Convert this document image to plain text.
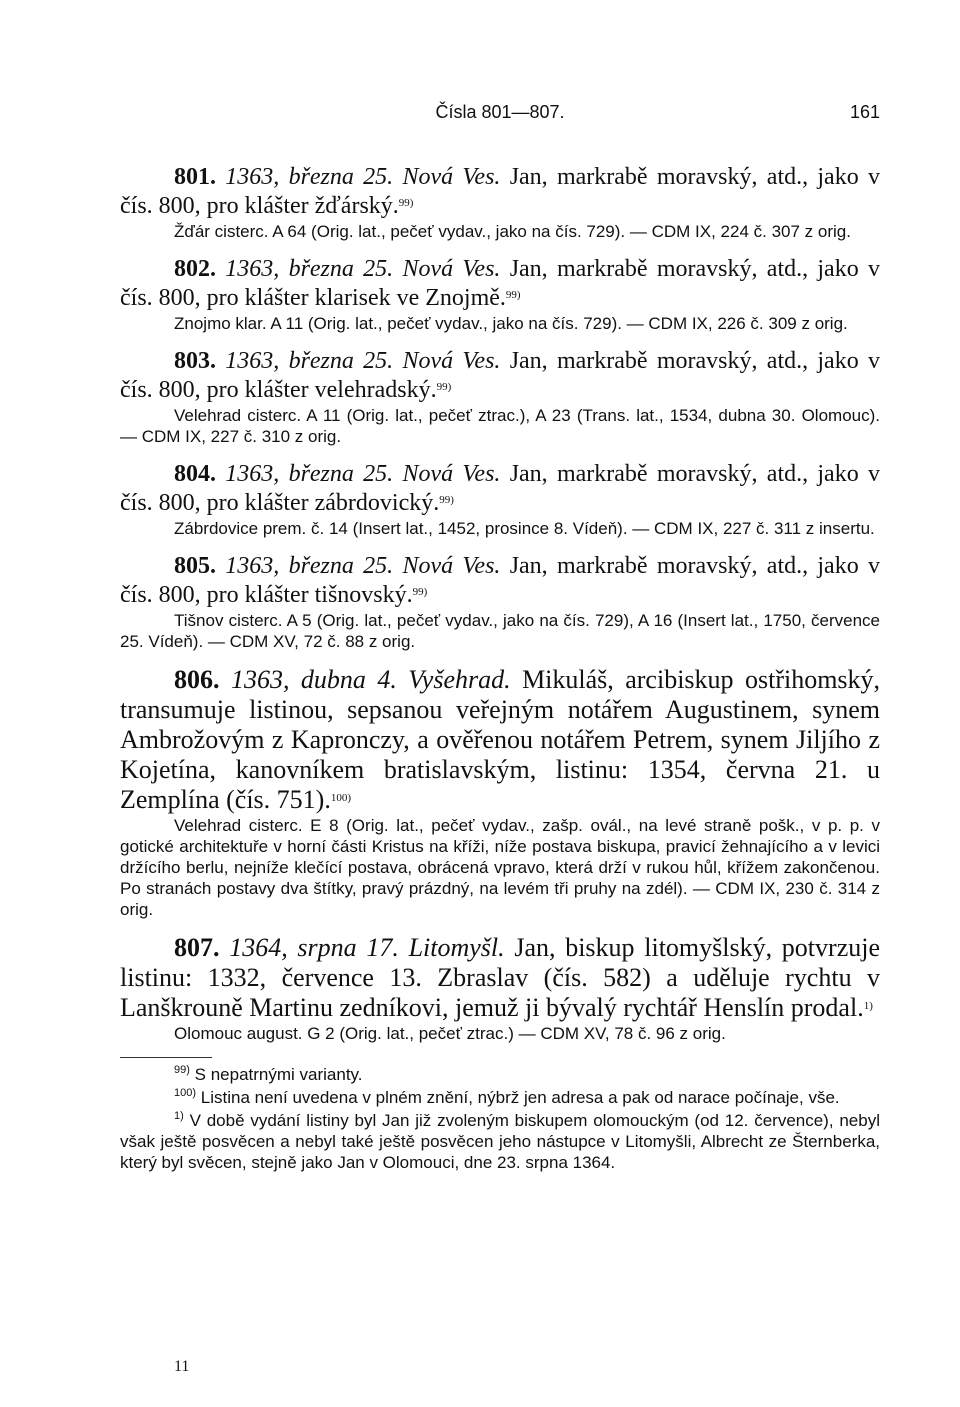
Čísla 801—807.	161

801. 1363, března 25. Nová Ves. Jan, markrabě moravský, atd., jako v čís. 800, pro klášter žďárský.$^{99)}$

Žďár cisterc. A 64 (Orig. lat., pečeť vydav., jako na čís. 729). — CDM IX, 224 č. 307 z orig.

802. 1363, března 25. Nová Ves. Jan, markrabě moravský, atd., jako v čís. 800, pro klášter klarisek ve Znojmě.$^{99)}$

Znojmo klar. A 11 (Orig. lat., pečeť vydav., jako na čís. 729). — CDM IX, 226 č. 309 z orig.

803. 1363, března 25. Nová Ves. Jan, markrabě moravský, atd., jako v čís. 800, pro klášter velehradský.$^{99)}$

Velehrad cisterc. A 11 (Orig. lat., pečeť ztrac.), A 23 (Trans. lat., 1534, dubna 30. Olomouc). — CDM IX, 227 č. 310 z orig.

804. 1363, března 25. Nová Ves. Jan, markrabě moravský, atd., jako v čís. 800, pro klášter zábrdovický.$^{99)}$

Zábrdovice prem. č. 14 (Insert lat., 1452, prosince 8. Vídeň). — CDM IX, 227 č. 311 z insertu.

805. 1363, března 25. Nová Ves. Jan, markrabě moravský, atd., jako v čís. 800, pro klášter tišnovský.$^{99)}$

Tišnov cisterc. A 5 (Orig. lat., pečeť vydav., jako na čís. 729), A 16 (Insert lat., 1750, července 25. Vídeň). — CDM XV, 72 č. 88 z orig.

806. 1363, dubna 4. Vyšehrad. Mikuláš, arcibiskup ostřihomský, transumuje listinou, sepsanou veřejným notářem Augustinem, synem Ambrožovým z Kapronczy, a ověřenou notářem Petrem, synem Jiljího z Kojetína, kanovníkem bratislavským, listinu: 1354, června 21. u Zemplína (čís. 751).$^{100)}$

Velehrad cisterc. E 8 (Orig. lat., pečeť vydav., zašp. ovál., na levé straně pošk., v p. p. v gotické architektuře v horní části Kristus na kříži, níže postava biskupa, pravicí žehnajícího a v levici držícího berlu, nejníže klečící postava, obrácená vpravo, která drží v rukou hůl, křížem zakončenou. Po stranách postavy dva štítky, pravý prázdný, na levém tři pruhy na zdél). — CDM IX, 230 č. 314 z orig.

807. 1364, srpna 17. Litomyšl. Jan, biskup litomyšlský, potvrzuje listinu: 1332, července 13. Zbraslav (čís. 582) a uděluje rychtu v Lanškrouně Martinu zedníkovi, jemuž ji bývalý rychtář Henslín prodal.$^{1)}$

Olomouc august. G 2 (Orig. lat., pečeť ztrac.) — CDM XV, 78 č. 96 z orig.

$^{99)}$ S nepatrnými varianty.

$^{100)}$ Listina není uvedena v plném znění, nýbrž jen adresa a pak od narace počínaje, vše.

$^{1)}$ V době vydání listiny byl Jan již zvoleným biskupem olomouckým (od 12. července), nebyl však ještě posvěcen a nebyl také ještě posvěcen jeho nástupce v Litomyšli, Albrecht ze Šternberka, který byl svěcen, stejně jako Jan v Olomouci, dne 23. srpna 1364.

11
